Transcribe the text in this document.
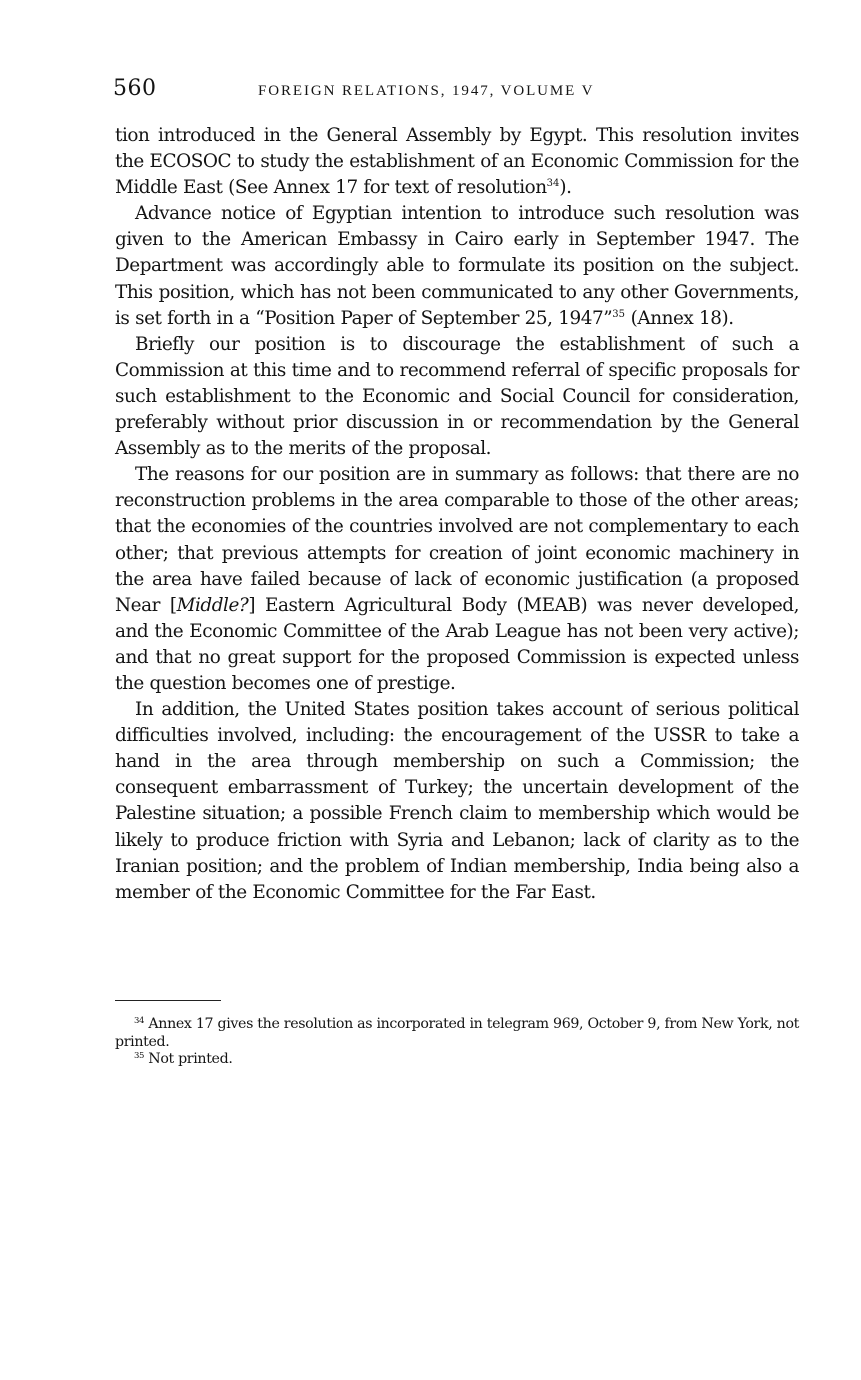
560	FOREIGN RELATIONS, 1947, VOLUME V

tion introduced in the General Assembly by Egypt. This resolution invites the ECOSOC to study the establishment of an Economic Commission for the Middle East (See Annex 17 for text of resolution$^{34}$).

Advance notice of Egyptian intention to introduce such resolution was given to the American Embassy in Cairo early in September 1947. The Department was accordingly able to formulate its position on the subject. This position, which has not been communicated to any other Governments, is set forth in a “Position Paper of September 25, 1947”$^{35}$ (Annex 18).

Briefly our position is to discourage the establishment of such a Commission at this time and to recommend referral of specific proposals for such establishment to the Economic and Social Council for consideration, preferably without prior discussion in or recommendation by the General Assembly as to the merits of the proposal.

The reasons for our position are in summary as follows: that there are no reconstruction problems in the area comparable to those of the other areas; that the economies of the countries involved are not complementary to each other; that previous attempts for creation of joint economic machinery in the area have failed because of lack of economic justification (a proposed Near [Middle?] Eastern Agricultural Body (MEAB) was never developed, and the Economic Committee of the Arab League has not been very active); and that no great support for the proposed Commission is expected unless the question becomes one of prestige.

In addition, the United States position takes account of serious political difficulties involved, including: the encouragement of the USSR to take a hand in the area through membership on such a Commission; the consequent embarrassment of Turkey; the uncertain development of the Palestine situation; a possible French claim to membership which would be likely to produce friction with Syria and Lebanon; lack of clarity as to the Iranian position; and the problem of Indian membership, India being also a member of the Economic Committee for the Far East.

$^{34}$ Annex 17 gives the resolution as incorporated in telegram 969, October 9, from New York, not printed.

$^{35}$ Not printed.
